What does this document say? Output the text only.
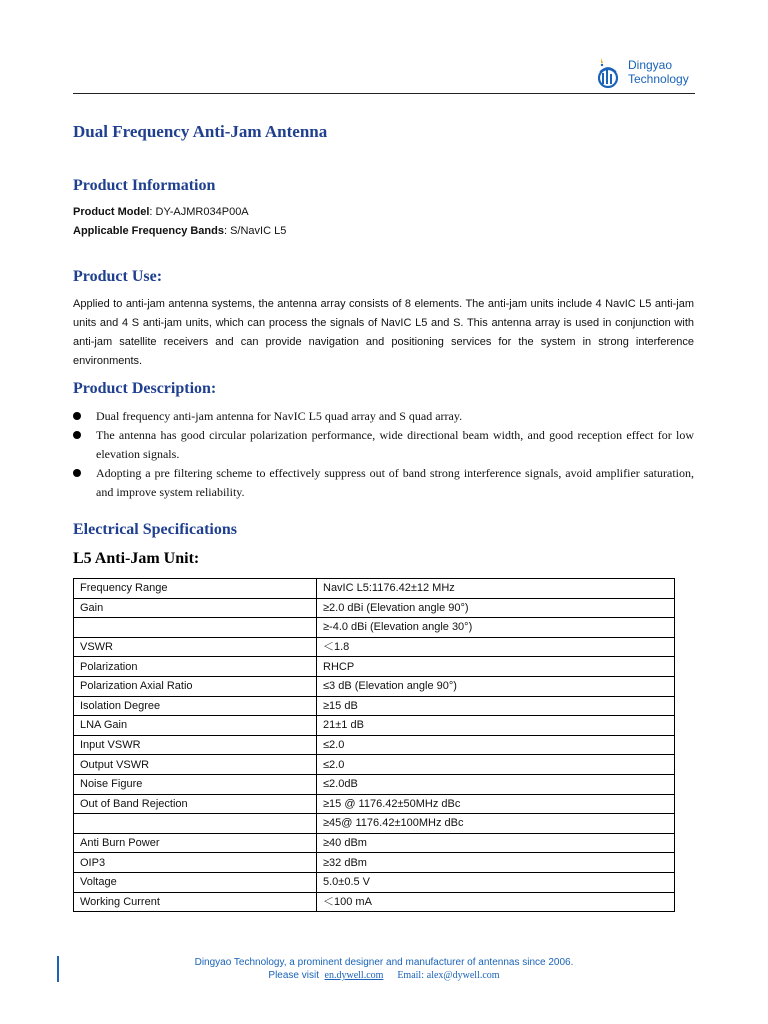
Dingyao
Technology
Dual Frequency Anti-Jam Antenna
Product Information
Product Model: DY-AJMR034P00A
Applicable Frequency Bands: S/NavIC L5
Product Use:
Applied to anti-jam antenna systems, the antenna array consists of 8 elements. The anti-jam units include 4 NavIC L5 anti-jam units and 4 S anti-jam units, which can process the signals of NavIC L5 and S. This antenna array is used in conjunction with anti-jam satellite receivers and can provide navigation and positioning services for the system in strong interference environments.
Product Description:
Dual frequency anti-jam antenna for NavIC L5 quad array and S quad array.
The antenna has good circular polarization performance, wide directional beam width, and good reception effect for low elevation signals.
Adopting a pre filtering scheme to effectively suppress out of band strong interference signals, avoid amplifier saturation, and improve system reliability.
Electrical Specifications
L5 Anti-Jam Unit:
Frequency Range	NavIC L5:1176.42±12 MHz
Gain	≥2.0 dBi (Elevation angle 90°)
	≥-4.0 dBi (Elevation angle 30°)
VSWR	＜1.8
Polarization	RHCP
Polarization Axial Ratio	≤3 dB (Elevation angle 90°)
Isolation Degree	≥15 dB
LNA Gain	21±1 dB
Input VSWR	≤2.0
Output VSWR	≤2.0
Noise Figure	≤2.0dB
Out of Band Rejection	≥15 @ 1176.42±50MHz dBc
	≥45@ 1176.42±100MHz dBc
Anti Burn Power	≥40 dBm
OIP3	≥32 dBm
Voltage	5.0±0.5 V
Working Current	＜100 mA
Dingyao Technology, a prominent designer and manufacturer of antennas since 2006.
Please visit en.dywell.com Email: alex@dywell.com
